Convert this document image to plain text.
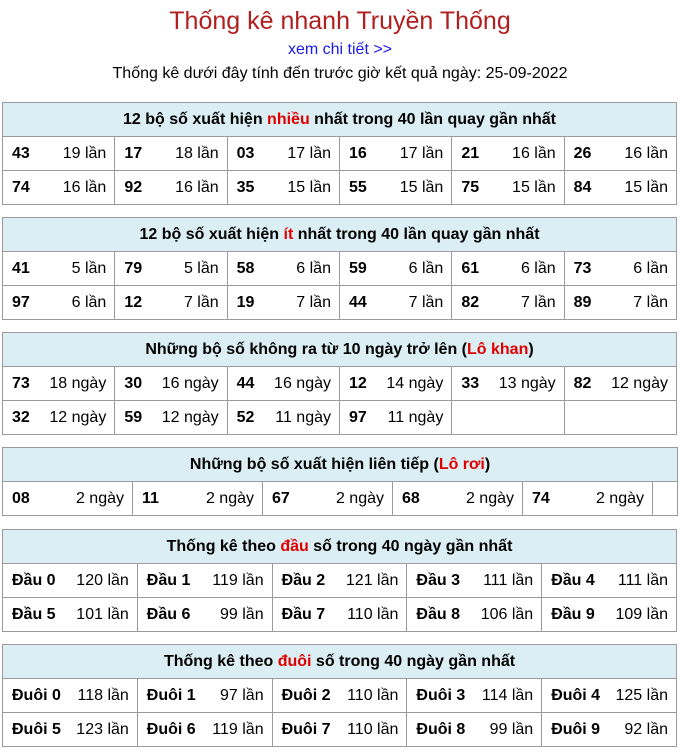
Thống kê nhanh Truyền Thống
xem chi tiết >>
Thống kê dưới đây tính đến trước giờ kết quả ngày: 25-09-2022
12 bộ số xuất hiện nhiều nhất trong 40 lần quay gần nhất					

43 19 lần	17 18 lần	03 17 lần	16 17 lần	21 16 lần	26 16 lần

74 16 lần	92 16 lần	35 15 lần	55 15 lần	75 15 lần	84 15 lần
12 bộ số xuất hiện ít nhất trong 40 lần quay gần nhất					

41 5 lần	79 5 lần	58 6 lần	59 6 lần	61 6 lần	73 6 lần

97 6 lần	12 7 lần	19 7 lần	44 7 lần	82 7 lần	89 7 lần
Những bộ số không ra từ 10 ngày trở lên (Lô khan)					

73 18 ngày	30 16 ngày	44 16 ngày	12 14 ngày	33 13 ngày	82 12 ngày

32 12 ngày	59 12 ngày	52 11 ngày	97 11 ngày		

Những bộ số xuất hiện liên tiếp (Lô rơi)

08	2 ngày	11	2 ngày	67	2 ngày	68	2 ngày	74	2 ngày

Thống kê theo đầu số trong 40 ngày gần nhất				

Đầu 0 120 lần	Đầu 1 119 lần	Đầu 2 121 lần	Đầu 3 111 lần	Đầu 4 111 lần

Đầu 5 101 lần	Đầu 6 99 lần	Đầu 7 110 lần	Đầu 8 106 lần	Đầu 9 109 lần
Thống kê theo đuôi số trong 40 ngày gần nhất				

Đuôi 0 118 lần	Đuôi 1 97 lần	Đuôi 2 110 lần	Đuôi 3 114 lần	Đuôi 4 125 lần

Đuôi 5 123 lần	Đuôi 6 119 lần	Đuôi 7 110 lần	Đuôi 8 99 lần	Đuôi 9 92 lần
